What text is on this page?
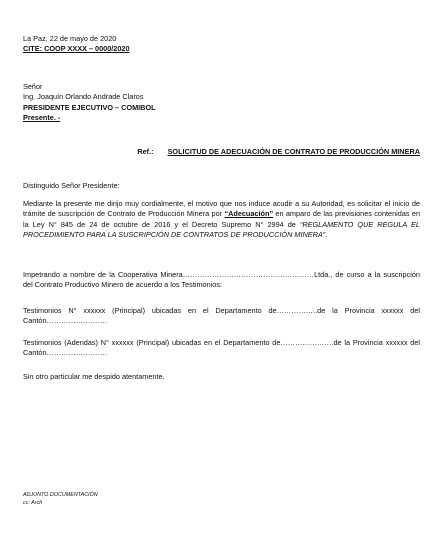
La Paz, 22 de mayo de 2020
CITE: COOP XXXX – 0000/2020
Señor
Ing. Joaquín Orlando Andrade Claros
PRESIDENTE EJECUTIVO – COMIBOL
Presente. -
Ref.: SOLICITUD DE ADECUACIÓN DE CONTRATO DE PRODUCCIÓN MINERA
Distinguido Señor Presidente:
Mediante la presente me dirijo muy cordialmente, el motivo que nos induce acudir a su Autoridad, es solicitar el inicio de trámite de suscripción de Contrato de Producción Minera por “Adecuación” en amparo de las previsiones contenidas en la Ley N° 845 de 24 de octubre de 2016 y el Decreto Supremo N° 2994 de “REGLAMENTO QUE REGULA EL PROCEDIMIENTO PARA LA SUSCRIPCIÓN DE CONTRATOS DE PRODUCCIÓN MINERA”.
Impetrando a nombre de la Cooperativa Minera………………………………………………Ltda., de curso a la suscripción del Contrato Productivo Minero de acuerdo a los Testimonios:
Testimonios N° xxxxxx (Principal) ubicadas en el Departamento de……………..de la Provincia xxxxxx del Cantón…………………….
Testimonios (Adendas) N° xxxxxx (Principal) ubicadas en el Departamento de………………….de la Provincia xxxxxx del Cantón…………………….
Sin otro particular me despido atentamente.
ADJUNTO DOCUMENTACIÓN
cc: Arch
